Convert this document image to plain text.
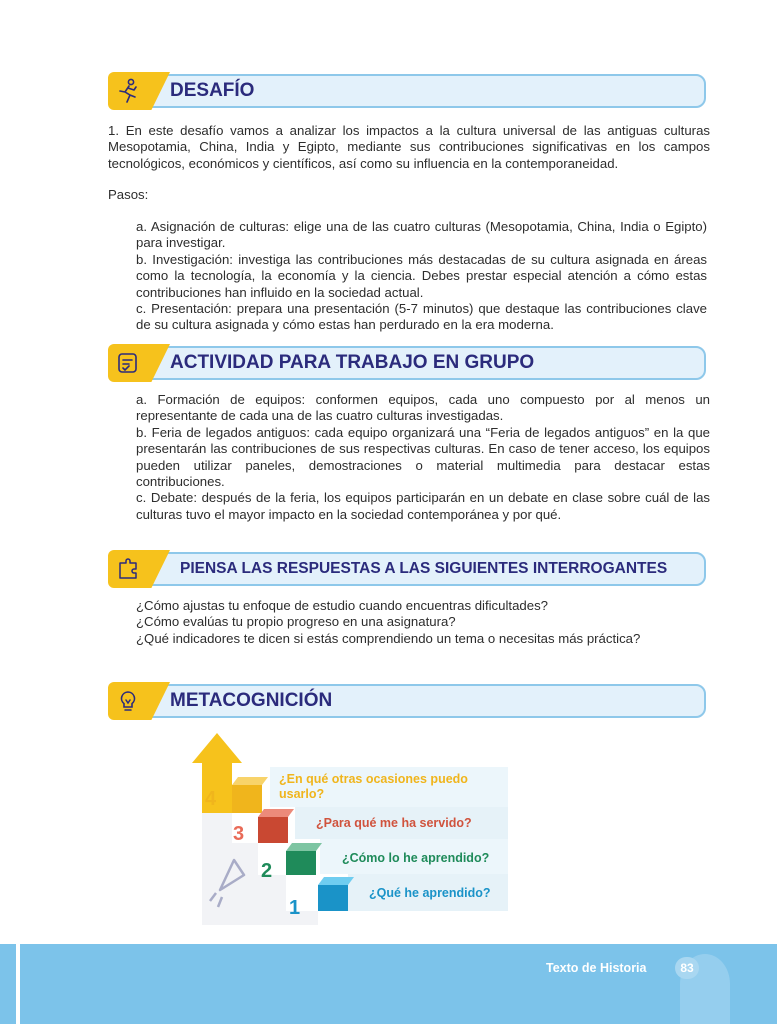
DESAFÍO

1. En este desafío vamos a analizar los impactos a la cultura universal de las antiguas culturas Mesopotamia, China, India y Egipto, mediante sus contribuciones significativas en los campos tecnológicos, económicos y científicos, así como su influencia en la contemporaneidad.

Pasos:

a. Asignación de culturas: elige una de las cuatro culturas (Mesopotamia, China, India o Egipto) para investigar.

b. Investigación: investiga las contribuciones más destacadas de su cultura asignada en áreas como la tecnología, la economía y la ciencia. Debes prestar especial atención a cómo estas contribuciones han influido en la sociedad actual.

c. Presentación: prepara una presentación (5-7 minutos) que destaque las contribuciones clave de su cultura asignada y cómo estas han perdurado en la era moderna.

ACTIVIDAD PARA TRABAJO EN GRUPO

a. Formación de equipos: conformen equipos, cada uno compuesto por al menos un representante de cada una de las cuatro culturas investigadas.

b. Feria de legados antiguos: cada equipo organizará una “Feria de legados antiguos” en la que presentarán las contribuciones de sus respectivas culturas. En caso de tener acceso, los equipos pueden utilizar paneles, demostraciones o material multimedia para destacar estas contribuciones.

c. Debate: después de la feria, los equipos participarán en un debate en clase sobre cuál de las culturas tuvo el mayor impacto en la sociedad contemporánea y por qué.

PIENSA LAS RESPUESTAS A LAS SIGUIENTES INTERROGANTES

¿Cómo ajustas tu enfoque de estudio cuando encuentras dificultades?

¿Cómo evalúas tu propio progreso en una asignatura?

¿Qué indicadores te dicen si estás comprendiendo un tema o necesitas más práctica?

METACOGNICIÓN
4
3
2
1
¿En qué otras ocasiones puedo usarlo?
¿Para qué me ha servido?
¿Cómo lo he aprendido?
¿Qué he aprendido?
Texto de Historia	83
